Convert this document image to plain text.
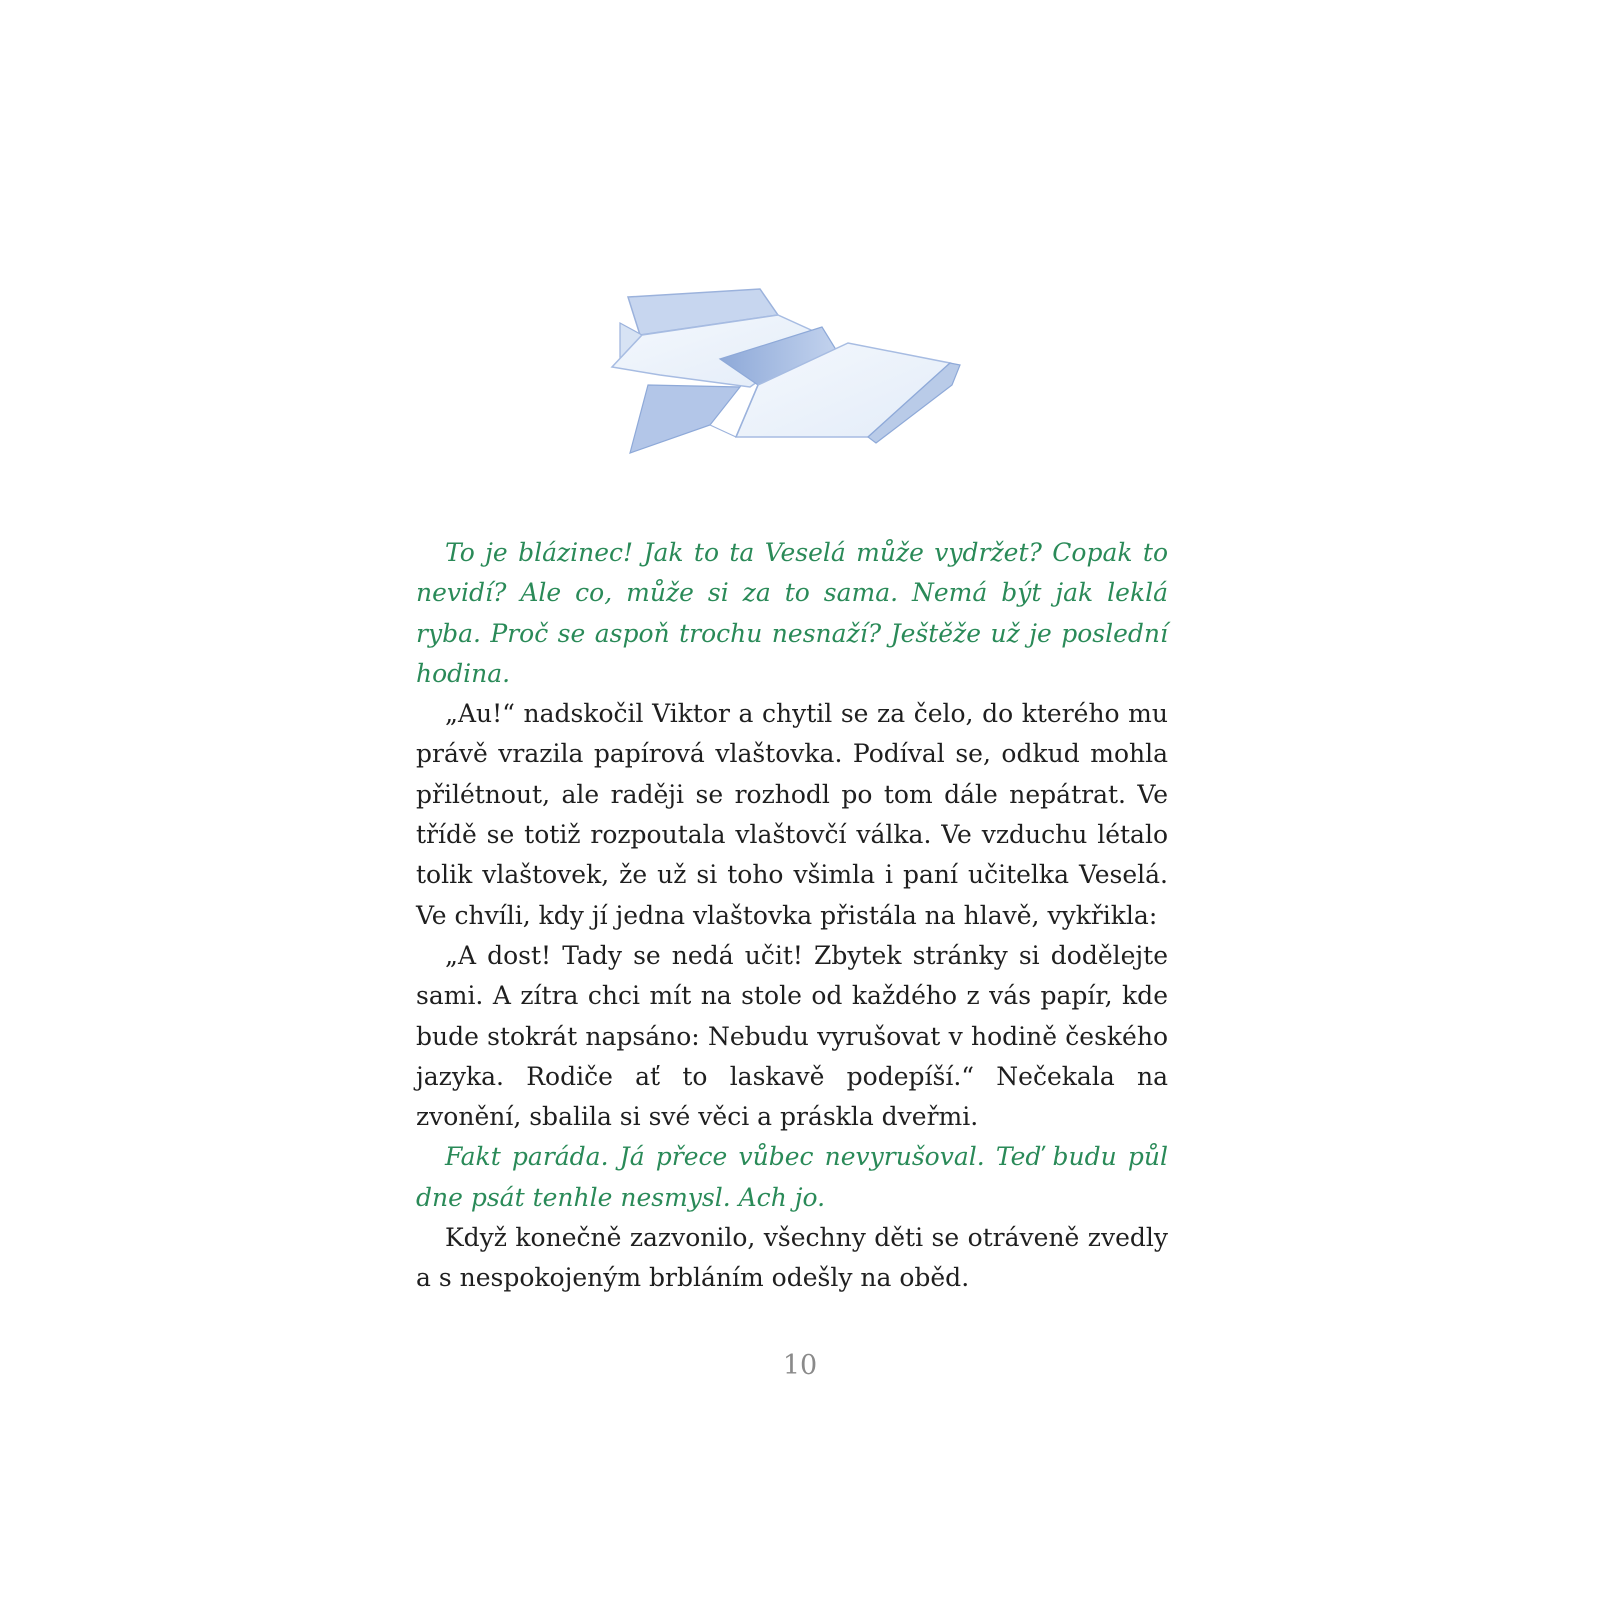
To je blázinec! Jak to ta Veselá může vydržet? Copak to nevidí? Ale co, může si za to sama. Nemá být jak leklá ryba. Proč se aspoň trochu nesnaží? Ještěže už je poslední hodina.

„Au!“ nadskočil Viktor a chytil se za čelo, do kterého mu právě vrazila papírová vlaštovka. Podíval se, odkud mohla přilétnout, ale raději se rozhodl po tom dále nepátrat. Ve třídě se totiž rozpoutala vlaštovčí válka. Ve vzduchu létalo tolik vlaštovek, že už si toho všimla i paní učitelka Veselá. Ve chvíli, kdy jí jedna vlaštovka přistála na hlavě, vykřikla:

„A dost! Tady se nedá učit! Zbytek stránky si dodělejte sami. A zítra chci mít na stole od každého z vás papír, kde bude stokrát napsáno: Nebudu vyrušovat v hodině českého jazyka. Rodiče ať to laskavě podepíší.“ Nečekala na zvonění, sbalila si své věci a práskla dveřmi.

Fakt paráda. Já přece vůbec nevyrušoval. Teď budu půl dne psát tenhle nesmysl. Ach jo.

Když konečně zazvonilo, všechny děti se otráveně zvedly a s nespokojeným brbláním odešly na oběd.

10
